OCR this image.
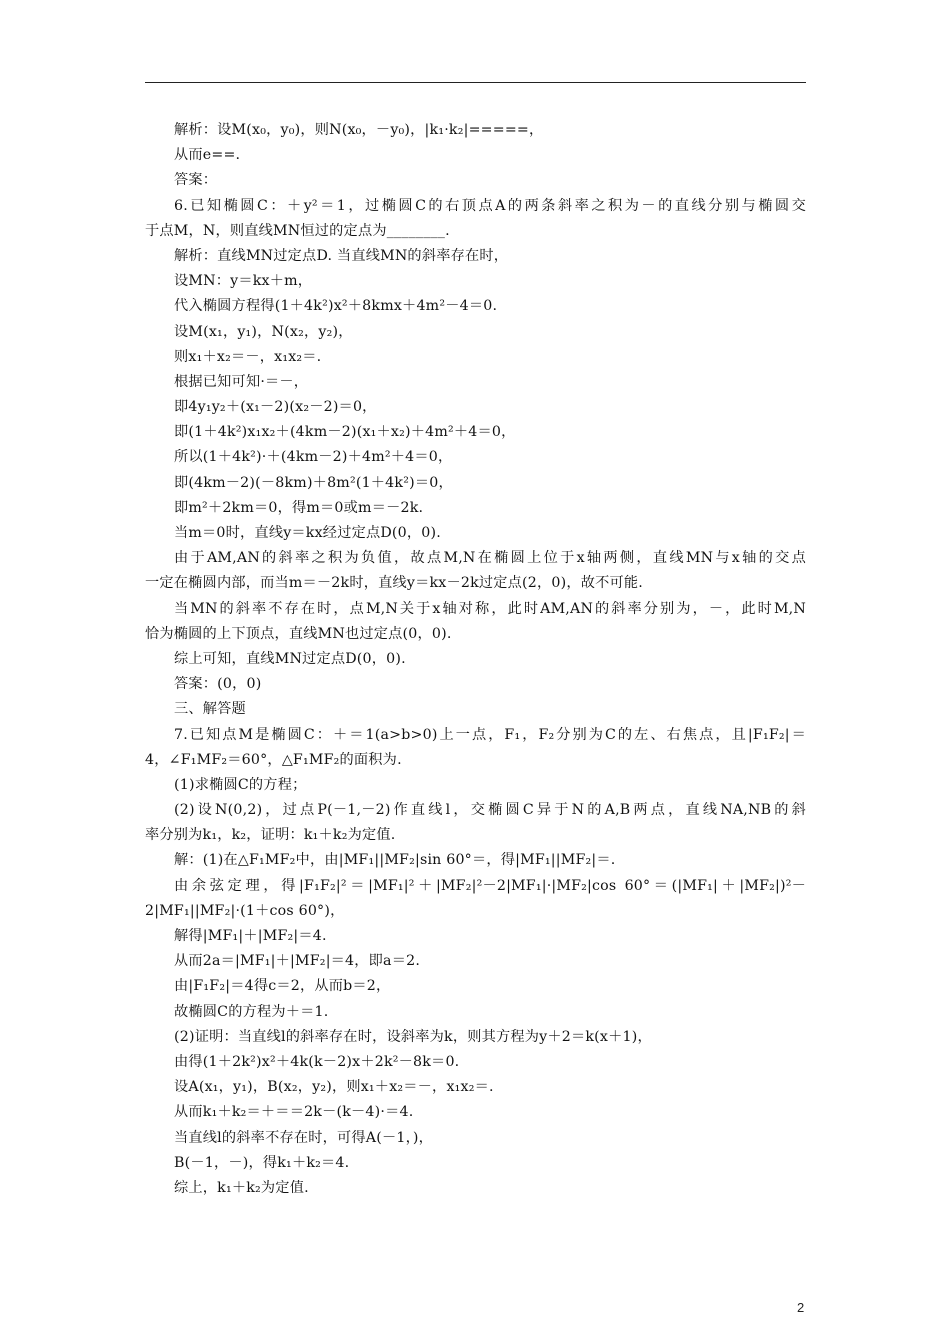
解析：设M(x₀，y₀)，则N(x₀，－y₀)，|k₁·k₂|=====，
从而e==.
答案：
6.已知椭圆C：＋y²＝1，过椭圆C的右顶点A的两条斜率之积为－的直线分别与椭圆交
于点M，N，则直线MN恒过的定点为________.
解析：直线MN过定点D. 当直线MN的斜率存在时，
设MN：y＝kx＋m，
代入椭圆方程得(1＋4k²)x²＋8kmx＋4m²－4＝0.
设M(x₁，y₁)，N(x₂，y₂)，
则x₁＋x₂＝－，x₁x₂＝.
根据已知可知·＝－，
即4y₁y₂＋(x₁－2)(x₂－2)＝0，
即(1＋4k²)x₁x₂＋(4km－2)(x₁＋x₂)＋4m²＋4＝0，
所以(1＋4k²)·＋(4km－2)＋4m²＋4＝0，
即(4km－2)(－8km)＋8m²(1＋4k²)＝0，
即m²＋2km＝0，得m＝0或m＝－2k.
当m＝0时，直线y＝kx经过定点D(0，0).
由于AM,AN的斜率之积为负值，故点M,N在椭圆上位于x轴两侧，直线MN与x轴的交点
一定在椭圆内部，而当m＝－2k时，直线y＝kx－2k过定点(2，0)，故不可能.
当MN的斜率不存在时，点M,N关于x轴对称，此时AM,AN的斜率分别为，－，此时M,N
恰为椭圆的上下顶点，直线MN也过定点(0，0).
综上可知，直线MN过定点D(0，0).
答案：(0，0)
三、解答题
7.已知点M是椭圆C：＋＝1(a>b>0)上一点，F₁，F₂分别为C的左、右焦点，且|F₁F₂|＝
4，∠F₁MF₂＝60°，△F₁MF₂的面积为.
(1)求椭圆C的方程；
(2)设N(0,2)，过点P(－1,－2)作直线l，交椭圆C异于N的A,B两点，直线NA,NB的斜
率分别为k₁，k₂，证明：k₁＋k₂为定值.
解：(1)在△F₁MF₂中，由|MF₁||MF₂|sin 60°＝，得|MF₁||MF₂|＝.
由余弦定理，得|F₁F₂|²＝|MF₁|²＋|MF₂|²－2|MF₁|·|MF₂|cos 60°＝(|MF₁|＋|MF₂|)²－
2|MF₁||MF₂|·(1＋cos 60°)，
解得|MF₁|＋|MF₂|＝4.
从而2a＝|MF₁|＋|MF₂|＝4，即a＝2.
由|F₁F₂|＝4得c＝2，从而b＝2，
故椭圆C的方程为＋＝1.
(2)证明：当直线l的斜率存在时，设斜率为k，则其方程为y＋2＝k(x＋1)，
由得(1＋2k²)x²＋4k(k－2)x＋2k²－8k＝0.
设A(x₁，y₁)，B(x₂，y₂)，则x₁＋x₂＝－，x₁x₂＝.
从而k₁＋k₂＝＋＝＝2k－(k－4)·＝4.
当直线l的斜率不存在时，可得A(－1，)，
B(－1，－)，得k₁＋k₂＝4.
综上，k₁＋k₂为定值.
2
